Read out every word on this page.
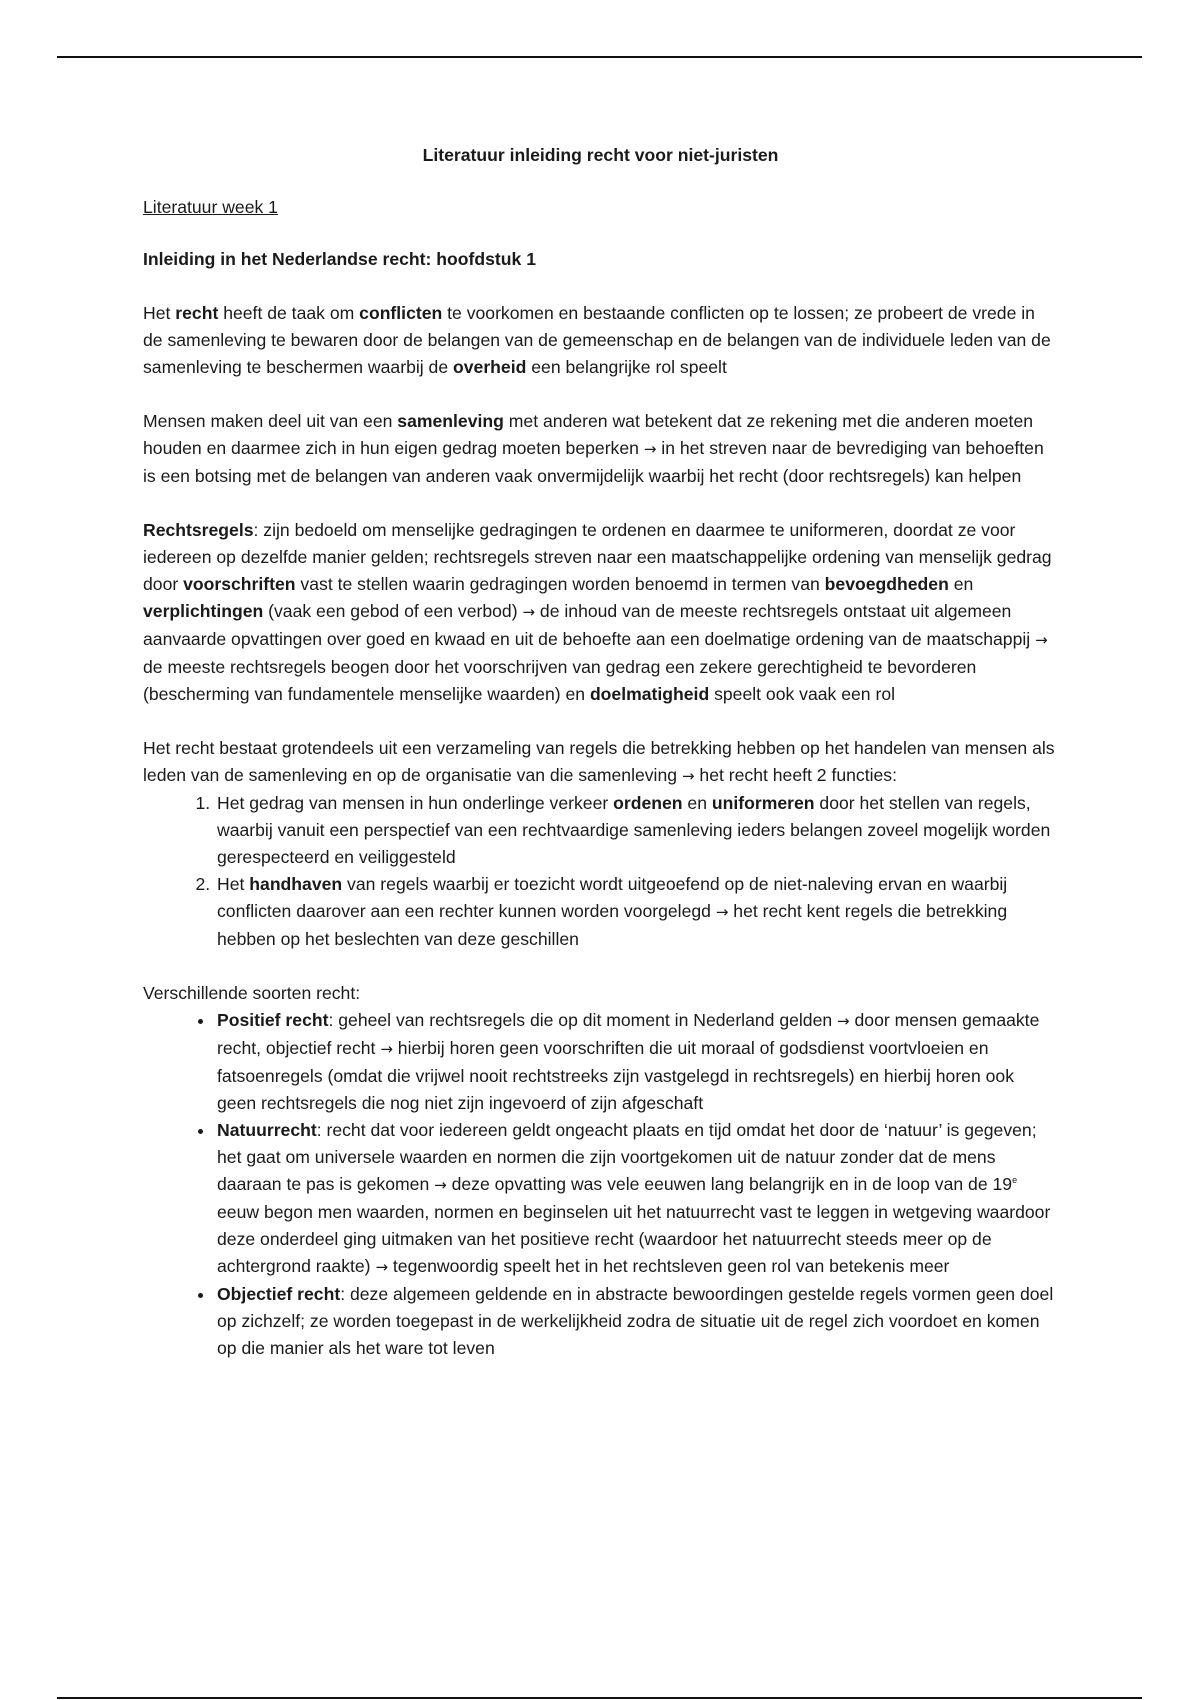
Literatuur inleiding recht voor niet-juristen
Literatuur week 1
Inleiding in het Nederlandse recht: hoofdstuk 1

Het recht heeft de taak om conflicten te voorkomen en bestaande conflicten op te lossen; ze probeert de vrede in de samenleving te bewaren door de belangen van de gemeenschap en de belangen van de individuele leden van de samenleving te beschermen waarbij de overheid een belangrijke rol speelt

Mensen maken deel uit van een samenleving met anderen wat betekent dat ze rekening met die anderen moeten houden en daarmee zich in hun eigen gedrag moeten beperken → in het streven naar de bevrediging van behoeften is een botsing met de belangen van anderen vaak onvermijdelijk waarbij het recht (door rechtsregels) kan helpen

Rechtsregels: zijn bedoeld om menselijke gedragingen te ordenen en daarmee te uniformeren, doordat ze voor iedereen op dezelfde manier gelden; rechtsregels streven naar een maatschappelijke ordening van menselijk gedrag door voorschriften vast te stellen waarin gedragingen worden benoemd in termen van bevoegdheden en verplichtingen (vaak een gebod of een verbod) → de inhoud van de meeste rechtsregels ontstaat uit algemeen aanvaarde opvattingen over goed en kwaad en uit de behoefte aan een doelmatige ordening van de maatschappij → de meeste rechtsregels beogen door het voorschrijven van gedrag een zekere gerechtigheid te bevorderen (bescherming van fundamentele menselijke waarden) en doelmatigheid speelt ook vaak een rol

Het recht bestaat grotendeels uit een verzameling van regels die betrekking hebben op het handelen van mensen als leden van de samenleving en op de organisatie van die samenleving → het recht heeft 2 functies:

1. Het gedrag van mensen in hun onderlinge verkeer ordenen en uniformeren door het stellen van regels, waarbij vanuit een perspectief van een rechtvaardige samenleving ieders belangen zoveel mogelijk worden gerespecteerd en veiliggesteld
2. Het handhaven van regels waarbij er toezicht wordt uitgeoefend op de niet-naleving ervan en waarbij conflicten daarover aan een rechter kunnen worden voorgelegd → het recht kent regels die betrekking hebben op het beslechten van deze geschillen

Verschillende soorten recht:

• Positief recht: geheel van rechtsregels die op dit moment in Nederland gelden → door mensen gemaakte recht, objectief recht → hierbij horen geen voorschriften die uit moraal of godsdienst voortvloeien en fatsoenregels (omdat die vrijwel nooit rechtstreeks zijn vastgelegd in rechtsregels) en hierbij horen ook geen rechtsregels die nog niet zijn ingevoerd of zijn afgeschaft
• Natuurrecht: recht dat voor iedereen geldt ongeacht plaats en tijd omdat het door de ‘natuur’ is gegeven; het gaat om universele waarden en normen die zijn voortgekomen uit de natuur zonder dat de mens daaraan te pas is gekomen → deze opvatting was vele eeuwen lang belangrijk en in de loop van de 19e eeuw begon men waarden, normen en beginselen uit het natuurrecht vast te leggen in wetgeving waardoor deze onderdeel ging uitmaken van het positieve recht (waardoor het natuurrecht steeds meer op de achtergrond raakte) → tegenwoordig speelt het in het rechtsleven geen rol van betekenis meer
• Objectief recht: deze algemeen geldende en in abstracte bewoordingen gestelde regels vormen geen doel op zichzelf; ze worden toegepast in de werkelijkheid zodra de situatie uit de regel zich voordoet en komen op die manier als het ware tot leven
